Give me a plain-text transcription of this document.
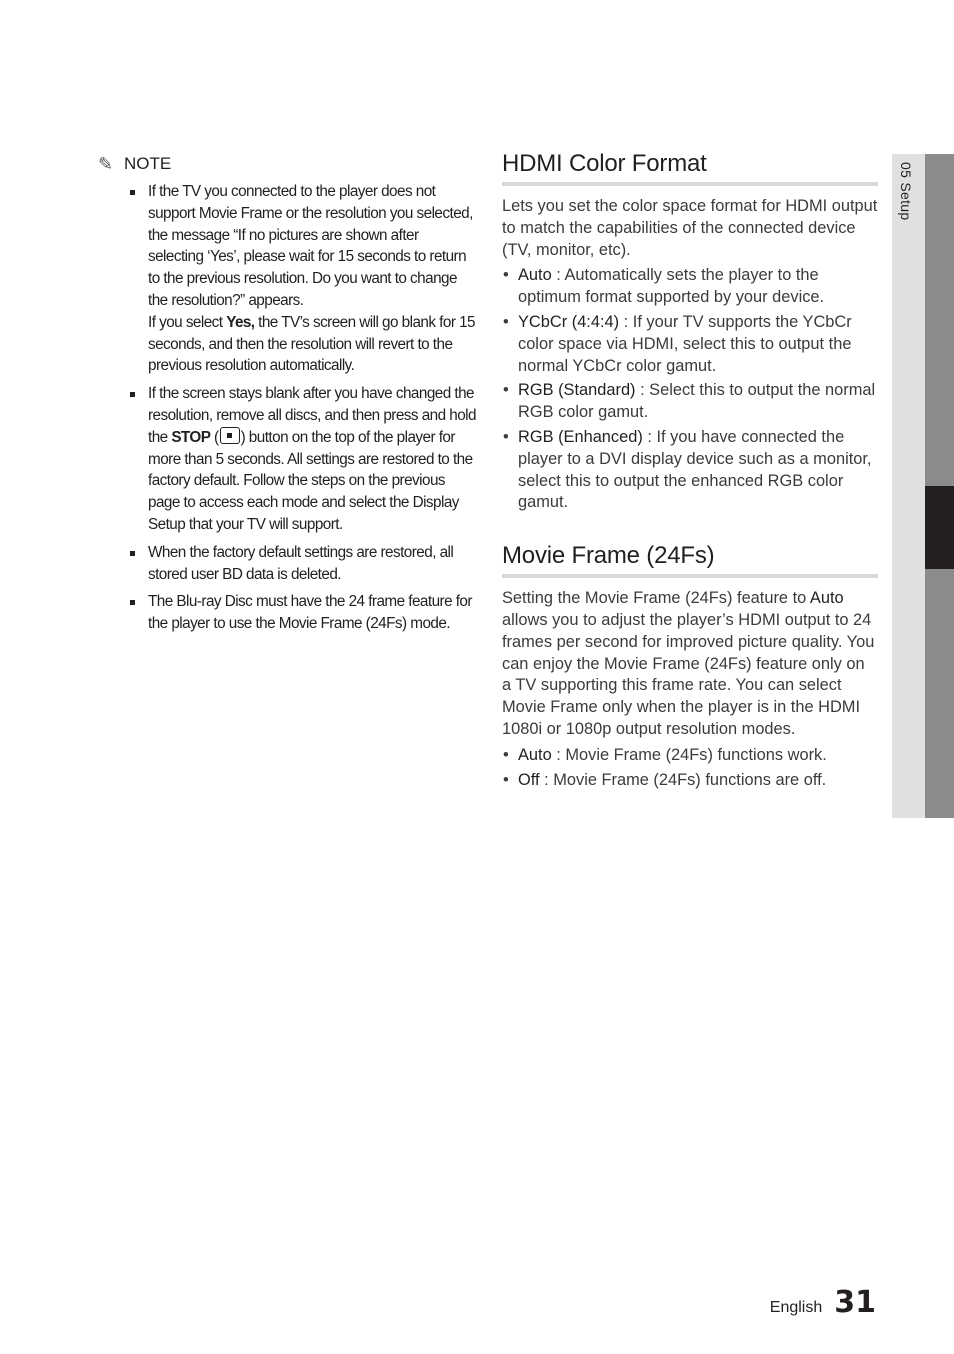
✎ NOTE
If the TV you connected to the player does not support Movie Frame or the resolution you selected, the message “If no pictures are shown after selecting ‘Yes’, please wait for 15 seconds to return to the previous resolution. Do you want to change the resolution?” appears.
If you select Yes, the TV’s screen will go blank for 15 seconds, and then the resolution will revert to the previous resolution automatically.
If the screen stays blank after you have changed the resolution, remove all discs, and then press and hold the STOP ( ) button on the top of the player for more than 5 seconds. All settings are restored to the factory default. Follow the steps on the previous page to access each mode and select the Display Setup that your TV will support.
When the factory default settings are restored, all stored user BD data is deleted.
The Blu-ray Disc must have the 24 frame feature for the player to use the Movie Frame (24Fs) mode.
HDMI Color Format

Lets you set the color space format for HDMI output to match the capabilities of the connected device (TV, monitor, etc).

• Auto : Automatically sets the player to the optimum format supported by your device.
• YCbCr (4:4:4) : If your TV supports the YCbCr color space via HDMI, select this to output the normal YCbCr color gamut.
• RGB (Standard) : Select this to output the normal RGB color gamut.
• RGB (Enhanced) : If you have connected the player to a DVI display device such as a monitor, select this to output the enhanced RGB color gamut.
Movie Frame (24Fs)

Setting the Movie Frame (24Fs) feature to Auto allows you to adjust the player’s HDMI output to 24 frames per second for improved picture quality. You can enjoy the Movie Frame (24Fs) feature only on a TV supporting this frame rate. You can select Movie Frame only when the player is in the HDMI 1080i or 1080p output resolution modes.

• Auto : Movie Frame (24Fs) functions work.
• Off : Movie Frame (24Fs) functions are off.
05 Setup
English 31
